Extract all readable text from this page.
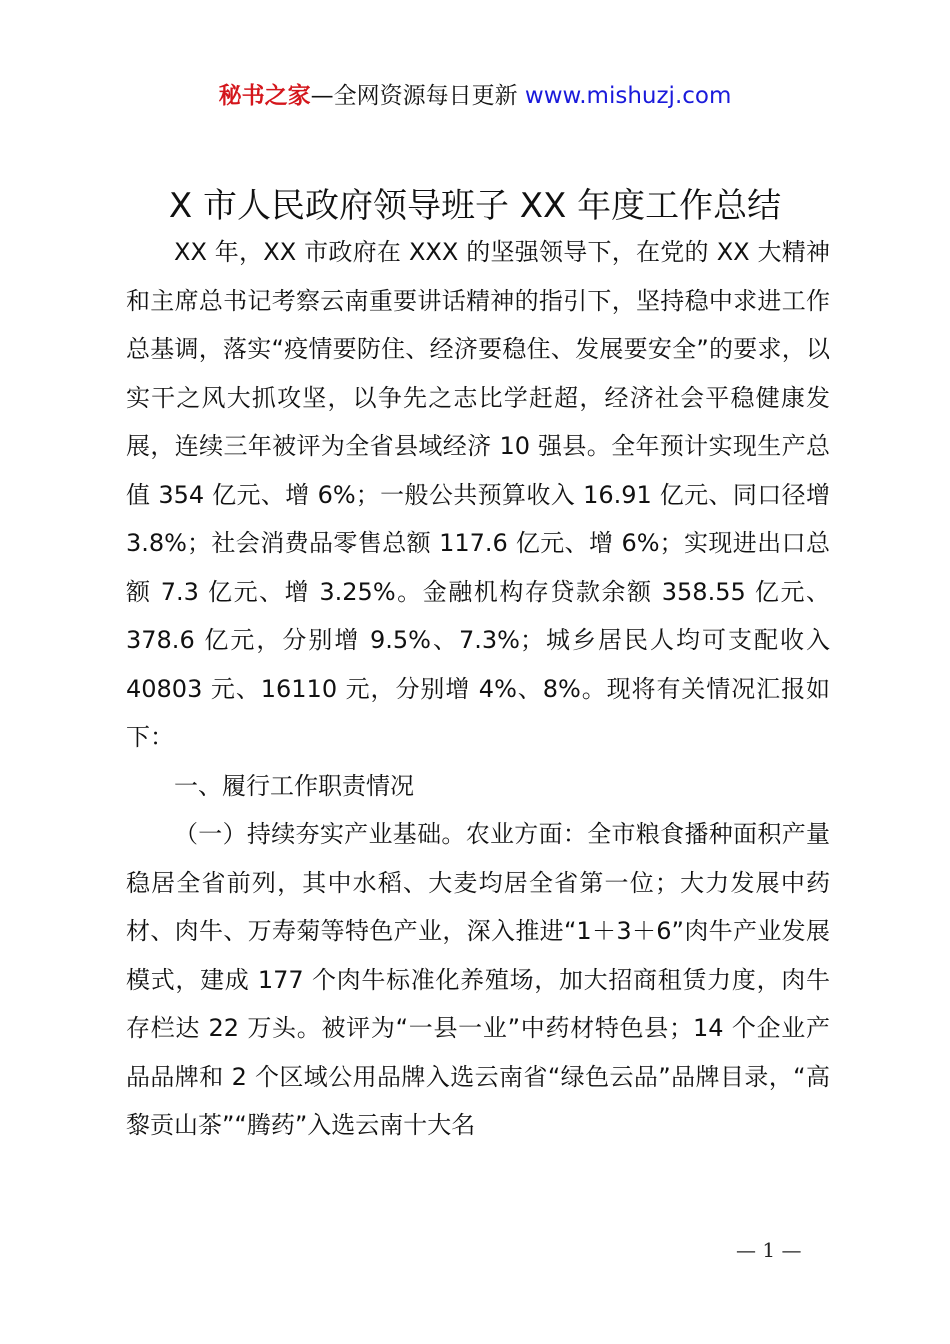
秘书之家—全网资源每日更新 www.mishuzj.com
X 市人民政府领导班子 XX 年度工作总结

XX 年，XX 市政府在 XXX 的坚强领导下，在党的 XX 大精神和主席总书记考察云南重要讲话精神的指引下，坚持稳中求进工作总基调，落实“疫情要防住、经济要稳住、发展要安全”的要求，以实干之风大抓攻坚，以争先之志比学赶超，经济社会平稳健康发展，连续三年被评为全省县域经济 10 强县。全年预计实现生产总值 354 亿元、增 6%；一般公共预算收入 16.91 亿元、同口径增 3.8%；社会消费品零售总额 117.6 亿元、增 6%；实现进出口总额 7.3 亿元、增 3.25%。金融机构存贷款余额 358.55 亿元、378.6 亿元，分别增 9.5%、7.3%；城乡居民人均可支配收入 40803 元、16110 元，分别增 4%、8%。现将有关情况汇报如下：

一、履行工作职责情况

（一）持续夯实产业基础。农业方面：全市粮食播种面积产量稳居全省前列，其中水稻、大麦均居全省第一位；大力发展中药材、肉牛、万寿菊等特色产业，深入推进“1＋3＋6”肉牛产业发展模式，建成 177 个肉牛标准化养殖场，加大招商租赁力度，肉牛存栏达 22 万头。被评为“一县一业”中药材特色县；14 个企业产品品牌和 2 个区域公用品牌入选云南省“绿色云品”品牌目录，“高黎贡山茶”“腾药”入选云南十大名

— 1 —
